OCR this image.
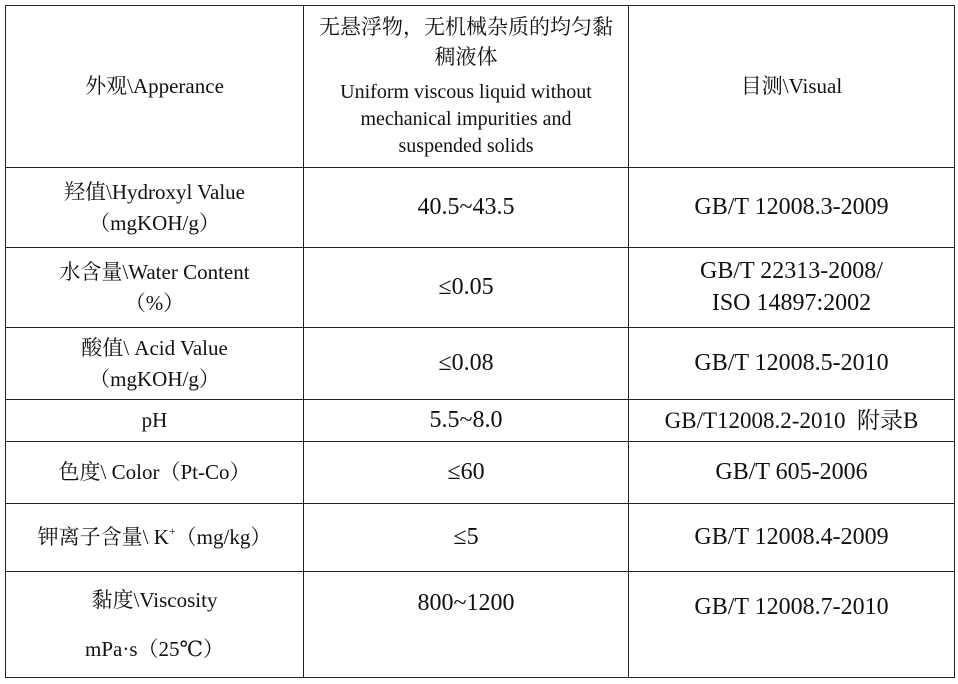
外观\Apperance	无悬浮物，无机械杂质的均匀黏
稠液体
Uniform viscous liquid without
mechanical impurities and
suspended solids	目测\Visual

羟值\Hydroxyl Value
（mgKOH/g）	40.5~43.5	GB/T 12008.3-2009

水含量\Water Content
（%）	≤0.05	GB/T 22313-2008/
ISO 14897:2002

酸值\ Acid Value
（mgKOH/g）	≤0.08	GB/T 12008.5-2010

pH	5.5~8.0	GB/T12008.2-2010  附录B

色度\ Color（Pt-Co）	≤60	GB/T 605-2006

钾离子含量\ K+（mg/kg）	≤5	GB/T 12008.4-2009

黏度\Viscosity
mPa·s（25℃）	800~1200	GB/T 12008.7-2010
